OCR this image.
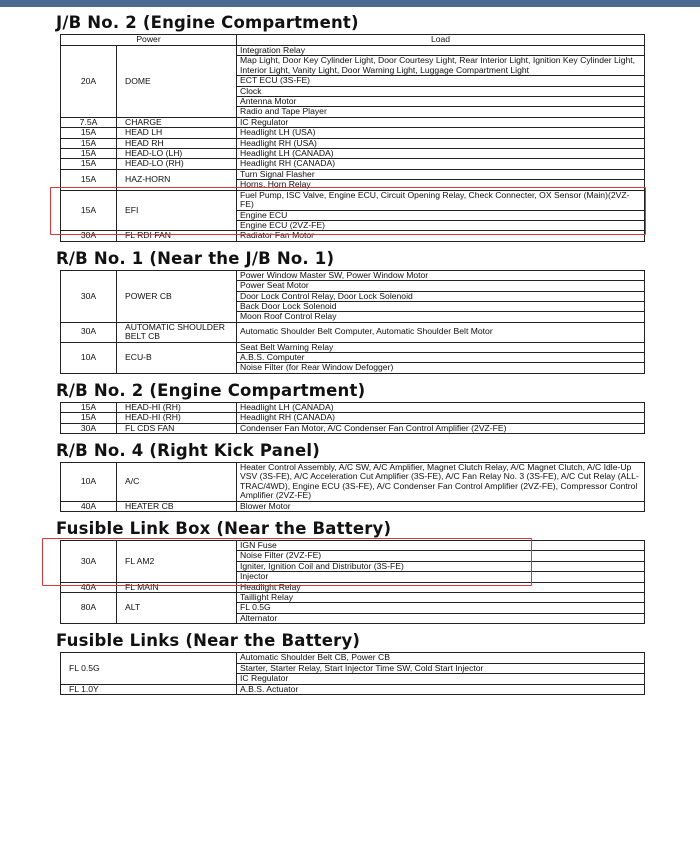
J/B No. 2 (Engine Compartment)
Power		Load
20A	DOME	Integration Relay
		Map Light, Door Key Cylinder Light, Door Courtesy Light, Rear Interior Light, Ignition Key Cylinder Light, Interior Light, Vanity Light, Door Warning Light, Luggage Compartment Light
		ECT ECU (3S-FE)
		Clock
		Antenna Motor
		Radio and Tape Player
7.5A	CHARGE	IC Regulator
15A	HEAD LH	Headlight LH (USA)
15A	HEAD RH	Headlight RH (USA)
15A	HEAD-LO (LH)	Headlight LH (CANADA)
15A	HEAD-LO (RH)	Headlight RH (CANADA)
15A	HAZ-HORN	Turn Signal Flasher
		Horns, Horn Relay
15A	EFI	Fuel Pump, ISC Valve, Engine ECU, Circuit Opening Relay, Check Connecter, OX Sensor (Main)(2VZ-FE)
		Engine ECU
		Engine ECU (2VZ-FE)
30A	FL RDI FAN	Radiator Fan Motor
R/B No. 1 (Near the J/B No. 1)
30A	POWER CB	Power Window Master SW, Power Window Motor
		Power Seat Motor
		Door Lock Control Relay, Door Lock Solenoid
		Back Door Lock Solenoid
		Moon Roof Control Relay
30A	AUTOMATIC SHOULDER BELT CB	Automatic Shoulder Belt Computer, Automatic Shoulder Belt Motor
10A	ECU-B	Seat Belt Warning Relay
		A.B.S. Computer
		Noise Filter (for Rear Window Defogger)
R/B No. 2 (Engine Compartment)
15A	HEAD-HI (RH)	Headlight LH (CANADA)
15A	HEAD-HI (RH)	Headlight RH (CANADA)
30A	FL CDS FAN	Condenser Fan Motor, A/C Condenser Fan Control Amplifier (2VZ-FE)
R/B No. 4 (Right Kick Panel)
10A	A/C	Heater Control Assembly, A/C SW, A/C Amplifier, Magnet Clutch Relay, A/C Magnet Clutch, A/C Idle-Up VSV (3S-FE), A/C Acceleration Cut Amplifier (3S-FE), A/C Fan Relay No. 3 (3S-FE), A/C Cut Relay (ALL-TRAC/4WD), Engine ECU (3S-FE), A/C Condenser Fan Control Amplifier (2VZ-FE), Compressor Control Amplifier (2VZ-FE)
40A	HEATER CB	Blower Motor
Fusible Link Box (Near the Battery)
30A	FL AM2	IGN Fuse
		Noise Filter (2VZ-FE)
		Igniter, Ignition Coil and Distributor (3S-FE)
		Injector
40A	FL MAIN	Headlight Relay
80A	ALT	Taillight Relay
		FL 0.5G
		Alternator
Fusible Links (Near the Battery)
FL 0.5G	Automatic Shoulder Belt CB, Power CB
	Starter, Starter Relay, Start Injector Time SW, Cold Start Injector
	IC Regulator
FL 1.0Y	A.B.S. Actuator
